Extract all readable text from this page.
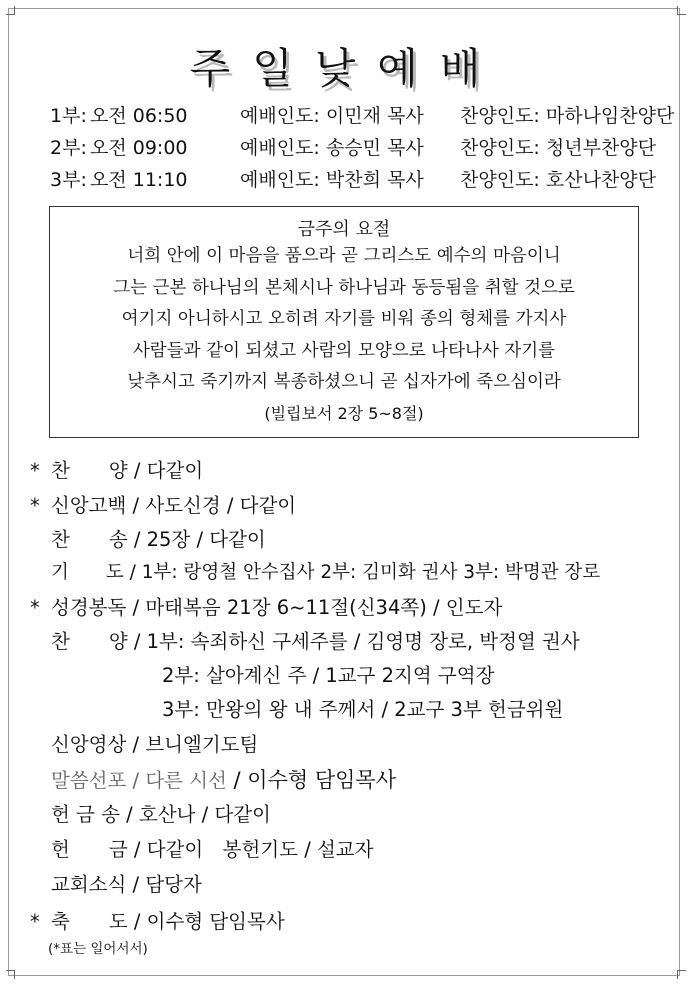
주일낮예배
1부: 오전 06:50	예배인도: 이민재 목사 찬양인도: 마하나임찬양단
2부: 오전 09:00	예배인도: 송승민 목사 찬양인도: 청년부찬양단
3부: 오전 11:10	예배인도: 박찬희 목사 찬양인도: 호산나찬양단
금주의 요절
너희 안에 이 마음을 품으라 곧 그리스도 예수의 마음이니
그는 근본 하나님의 본체시나 하나님과 동등됨을 취할 것으로
여기지 아니하시고 오히려 자기를 비워 종의 형체를 가지사
사람들과 같이 되셨고 사람의 모양으로 나타나사 자기를
낮추시고 죽기까지 복종하셨으니 곧 십자가에 죽으심이라
(빌립보서 2장 5~8절)
* 찬　　양 / 다같이
* 신앙고백 / 사도신경 / 다같이
찬　　송 / 25장 / 다같이
기　　도 / 1부: 랑영철 안수집사 2부: 김미화 권사 3부: 박명관 장로
* 성경봉독 / 마태복음 21장 6~11절(신34쪽) / 인도자
찬　　양 / 1부: 속죄하신 구세주를 / 김영명 장로, 박정열 권사
2부: 살아계신 주 / 1교구 2지역 구역장
3부: 만왕의 왕 내 주께서 / 2교구 3부 헌금위원
신앙영상 / 브니엘기도팀
말씀선포 / 다른 시선 / 이수형 담임목사
헌 금 송 / 호산나 / 다같이
헌　　금 / 다같이　봉헌기도 / 설교자
교회소식 / 담당자
* 축　　도 / 이수형 담임목사
(*표는 일어서서)
